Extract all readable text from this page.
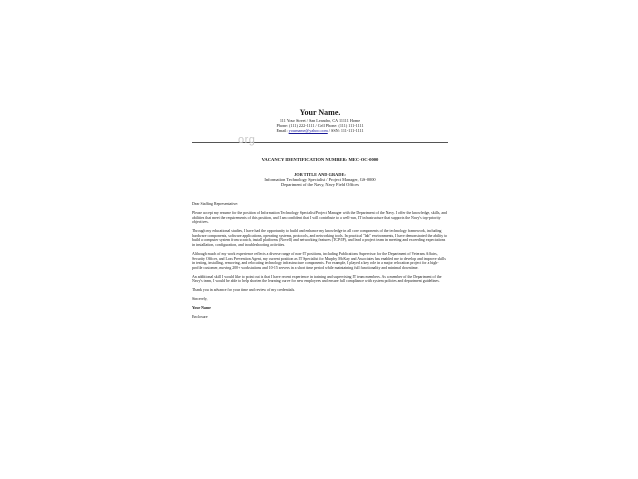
Your Name.
111 Your Street / San Leandro, CA 11111 Home
Phone: (111) 222-1111 / Cell Phone: (111) 111-1111
Email: yourname@yahoo.com / SSN: 111-111-1111
VACANCY IDENTIFICATION NUMBER: MEC-OC-0000
JOB TITLE AND GRADE:
Information Technology Specialist / Project Manager, GS-0000
Department of the Navy, Navy Field Offices

Dear Staffing Representative:

Please accept my resume for the position of Information Technology Specialist/Project Manager with the Department of the Navy. I offer the knowledge, skills, and abilities that meet the requirements of this position, and I am confident that I will contribute to a well-run, IT infrastructure that supports the Navy's top-priority objectives.

Through my educational studies, I have had the opportunity to build and enhance my knowledge in all core components of the technology framework, including hardware components, software applications, operating systems, protocols, and networking tools. In practical "lab" environments, I have demonstrated the ability to build a computer system from scratch, install platforms (Novell) and networking features (TCP/IP), and lead a project team in meeting and exceeding expectations in installation, configuration, and troubleshooting activities.

Although much of my work experience reflects a diverse range of non-IT positions, including Publications Supervisor for the Department of Veterans Affairs, Security Officer, and Loss Prevention Agent, my current position as IT Specialist for Murphy McKay and Associates has enabled me to develop and improve skills in testing, installing, removing, and relocating technology infrastructure components. For example, I played a key role in a major relocation project for a high-profile customer, moving 200+ workstations and 10-15 servers in a short time period while maintaining full functionality and minimal downtime.

An additional skill I would like to point out is that I have recent experience in training and supervising IT team members. As a member of the Department of the Navy's team, I would be able to help shorten the learning curve for new employees and ensure full compliance with system policies and department guidelines.

Thank you in advance for your time and review of my credentials.

Sincerely,

Your Name

Enclosure

org
